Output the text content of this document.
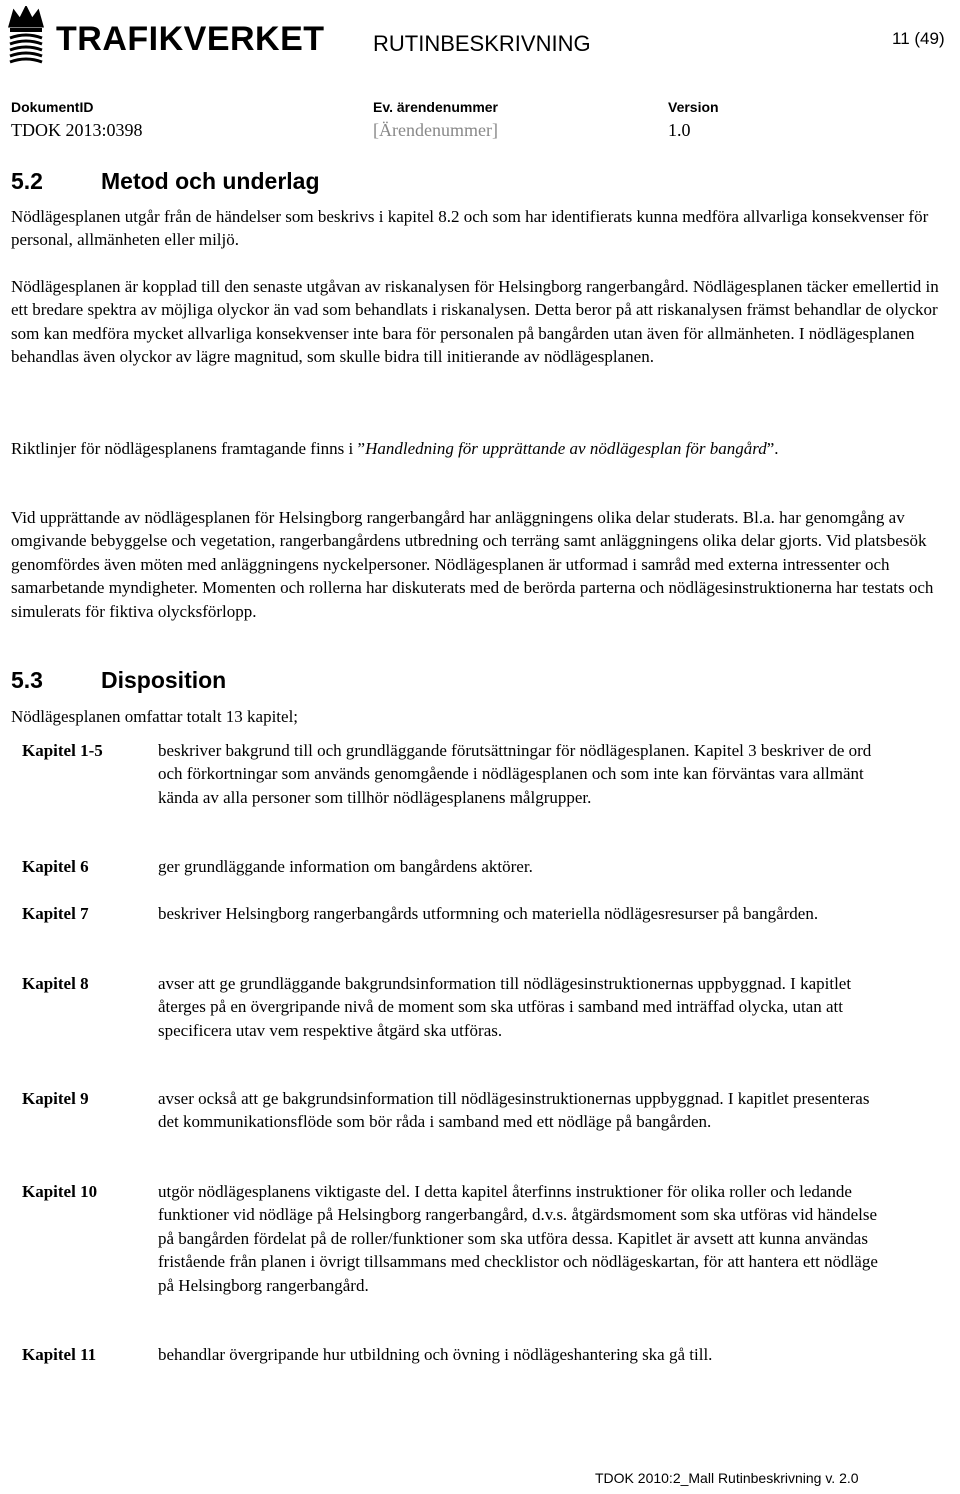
TRAFIKVERKET RUTINBESKRIVNING	11 (49)
DokumentID
TDOK 2013:0398
Ev. ärendenummer
[Ärendenummer]
Version
1.0
5.2	Metod och underlag

Nödlägesplanen utgår från de händelser som beskrivs i kapitel 8.2 och som har identifierats kunna medföra allvarliga konsekvenser för personal, allmänheten eller miljö.

Nödlägesplanen är kopplad till den senaste utgåvan av riskanalysen för Helsingborg rangerbangård. Nödlägesplanen täcker emellertid in ett bredare spektra av möjliga olyckor än vad som behandlats i riskanalysen. Detta beror på att riskanalysen främst behandlar de olyckor som kan medföra mycket allvarliga konsekvenser inte bara för personalen på bangården utan även för allmänheten. I nödlägesplanen behandlas även olyckor av lägre magnitud, som skulle bidra till initierande av nödlägesplanen.

Riktlinjer för nödlägesplanens framtagande finns i ”Handledning för upprättande av nödlägesplan för bangård”.

Vid upprättande av nödlägesplanen för Helsingborg rangerbangård har anläggningens olika delar studerats. Bl.a. har genomgång av omgivande bebyggelse och vegetation, rangerbangårdens utbredning och terräng samt anläggningens olika delar gjorts. Vid platsbesök genomfördes även möten med anläggningens nyckelpersoner. Nödlägesplanen är utformad i samråd med externa intressenter och samarbetande myndigheter. Momenten och rollerna har diskuterats med de berörda parterna och nödlägesinstruktionerna har testats och simulerats för fiktiva olycksförlopp.

5.3	Disposition

Nödlägesplanen omfattar totalt 13 kapitel;

Kapitel 1-5	beskriver bakgrund till och grundläggande förutsättningar för nödlägesplanen. Kapitel 3 beskriver de ord och förkortningar som används genomgående i nödlägesplanen och som inte kan förväntas vara allmänt kända av alla personer som tillhör nödlägesplanens målgrupper.
Kapitel 6	ger grundläggande information om bangårdens aktörer.
Kapitel 7	beskriver Helsingborg rangerbangårds utformning och materiella nödlägesresurser på bangården.
Kapitel 8	avser att ge grundläggande bakgrundsinformation till nödlägesinstruktionernas uppbyggnad. I kapitlet återges på en övergripande nivå de moment som ska utföras i samband med inträffad olycka, utan att specificera utav vem respektive åtgärd ska utföras.
Kapitel 9	avser också att ge bakgrundsinformation till nödlägesinstruktionernas uppbyggnad. I kapitlet presenteras det kommunikationsflöde som bör råda i samband med ett nödläge på bangården.
Kapitel 10	utgör nödlägesplanens viktigaste del. I detta kapitel återfinns instruktioner för olika roller och ledande funktioner vid nödläge på Helsingborg rangerbangård, d.v.s. åtgärdsmoment som ska utföras vid händelse på bangården fördelat på de roller/funktioner som ska utföra dessa. Kapitlet är avsett att kunna användas fristående från planen i övrigt tillsammans med checklistor och nödlägeskartan, för att hantera ett nödläge på Helsingborg rangerbangård.
Kapitel 11	behandlar övergripande hur utbildning och övning i nödlägeshantering ska gå till.
TDOK 2010:2_Mall Rutinbeskrivning v. 2.0
